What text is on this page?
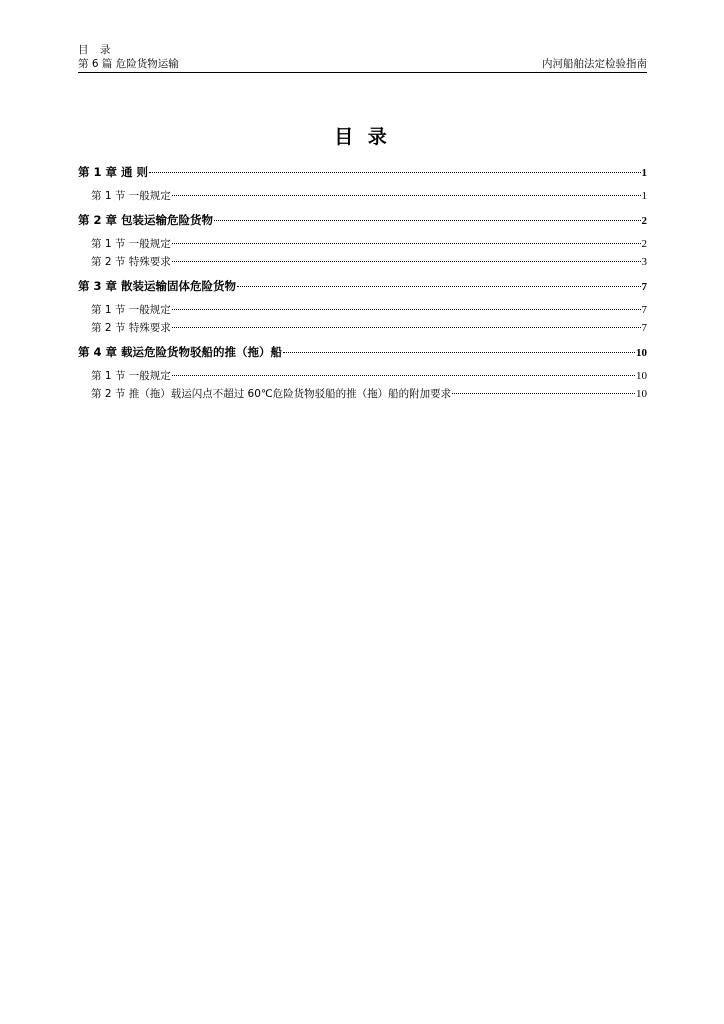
目 录
第 6 篇 危险货物运输	内河船舶法定检验指南
目 录
第 1 章 通 则	1
第 1 节 一般规定	1
第 2 章 包装运输危险货物	2
第 1 节 一般规定	2
第 2 节 特殊要求	3
第 3 章 散装运输固体危险货物	7
第 1 节 一般规定	7
第 2 节 特殊要求	7
第 4 章 载运危险货物驳船的推（拖）船	10
第 1 节 一般规定	10
第 2 节 推（拖）载运闪点不超过 60℃危险货物驳船的推（拖）船的附加要求	10
